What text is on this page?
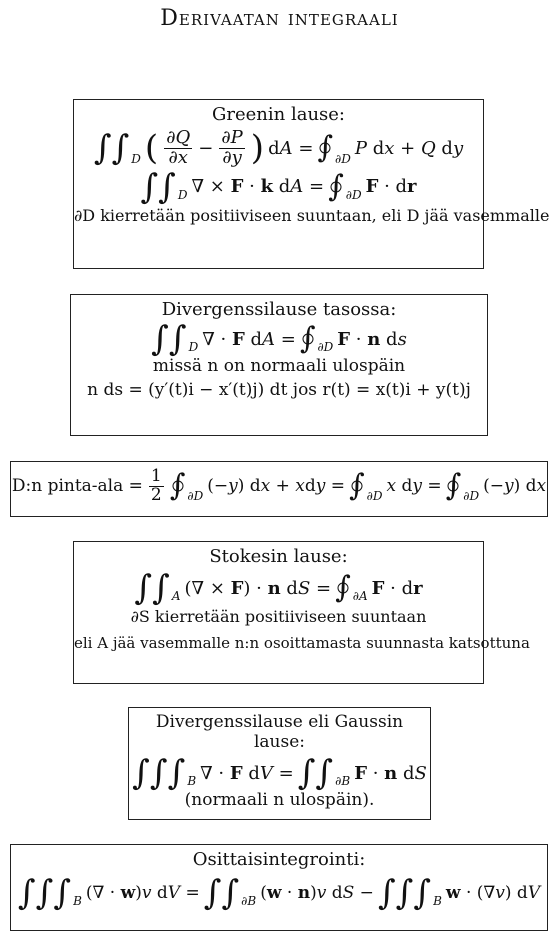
Derivaatan integraali
Greenin lause:
∫∫ D ( $\frac{\partial Q}{\partial x} - \frac{\partial P}{\partial y}$ ) dA = ∫ ∂D P dx + Q dy
∫∫ D ∇ × F · k dA = ∫ ∂D F · dr
∂D kierretään positiiviseen suuntaan, eli D jää vasemmalle
Divergenssilause tasossa:
∫∫ D ∇ · F dA = ∫ ∂D F · n ds
missä n on normaali ulospäin
n ds = (y′(t)i − x′(t)j) dt jos r(t) = x(t)i + y(t)j
D:n pinta-ala = $\frac{1}{2}$ ∫ ∂D (−y) dx + xdy = ∫ ∂D x dy = ∫ ∂D (−y) dx
Stokesin lause:
∫∫ A (∇ × F) · n dS = ∫ ∂A F · dr
∂S kierretään positiiviseen suuntaan
eli A jää vasemmalle n:n osoittamasta suunnasta katsottuna
Divergenssilause eli Gaussin lause:
∫∫∫ B ∇ · F dV = ∫∫ ∂B F · n dS
(normaali n ulospäin).
Osittaisintegrointi:
∫∫∫ B (∇ · w)v dV = ∫∫ ∂B (w · n)v dS − ∫∫∫ B w · (∇v) dV
